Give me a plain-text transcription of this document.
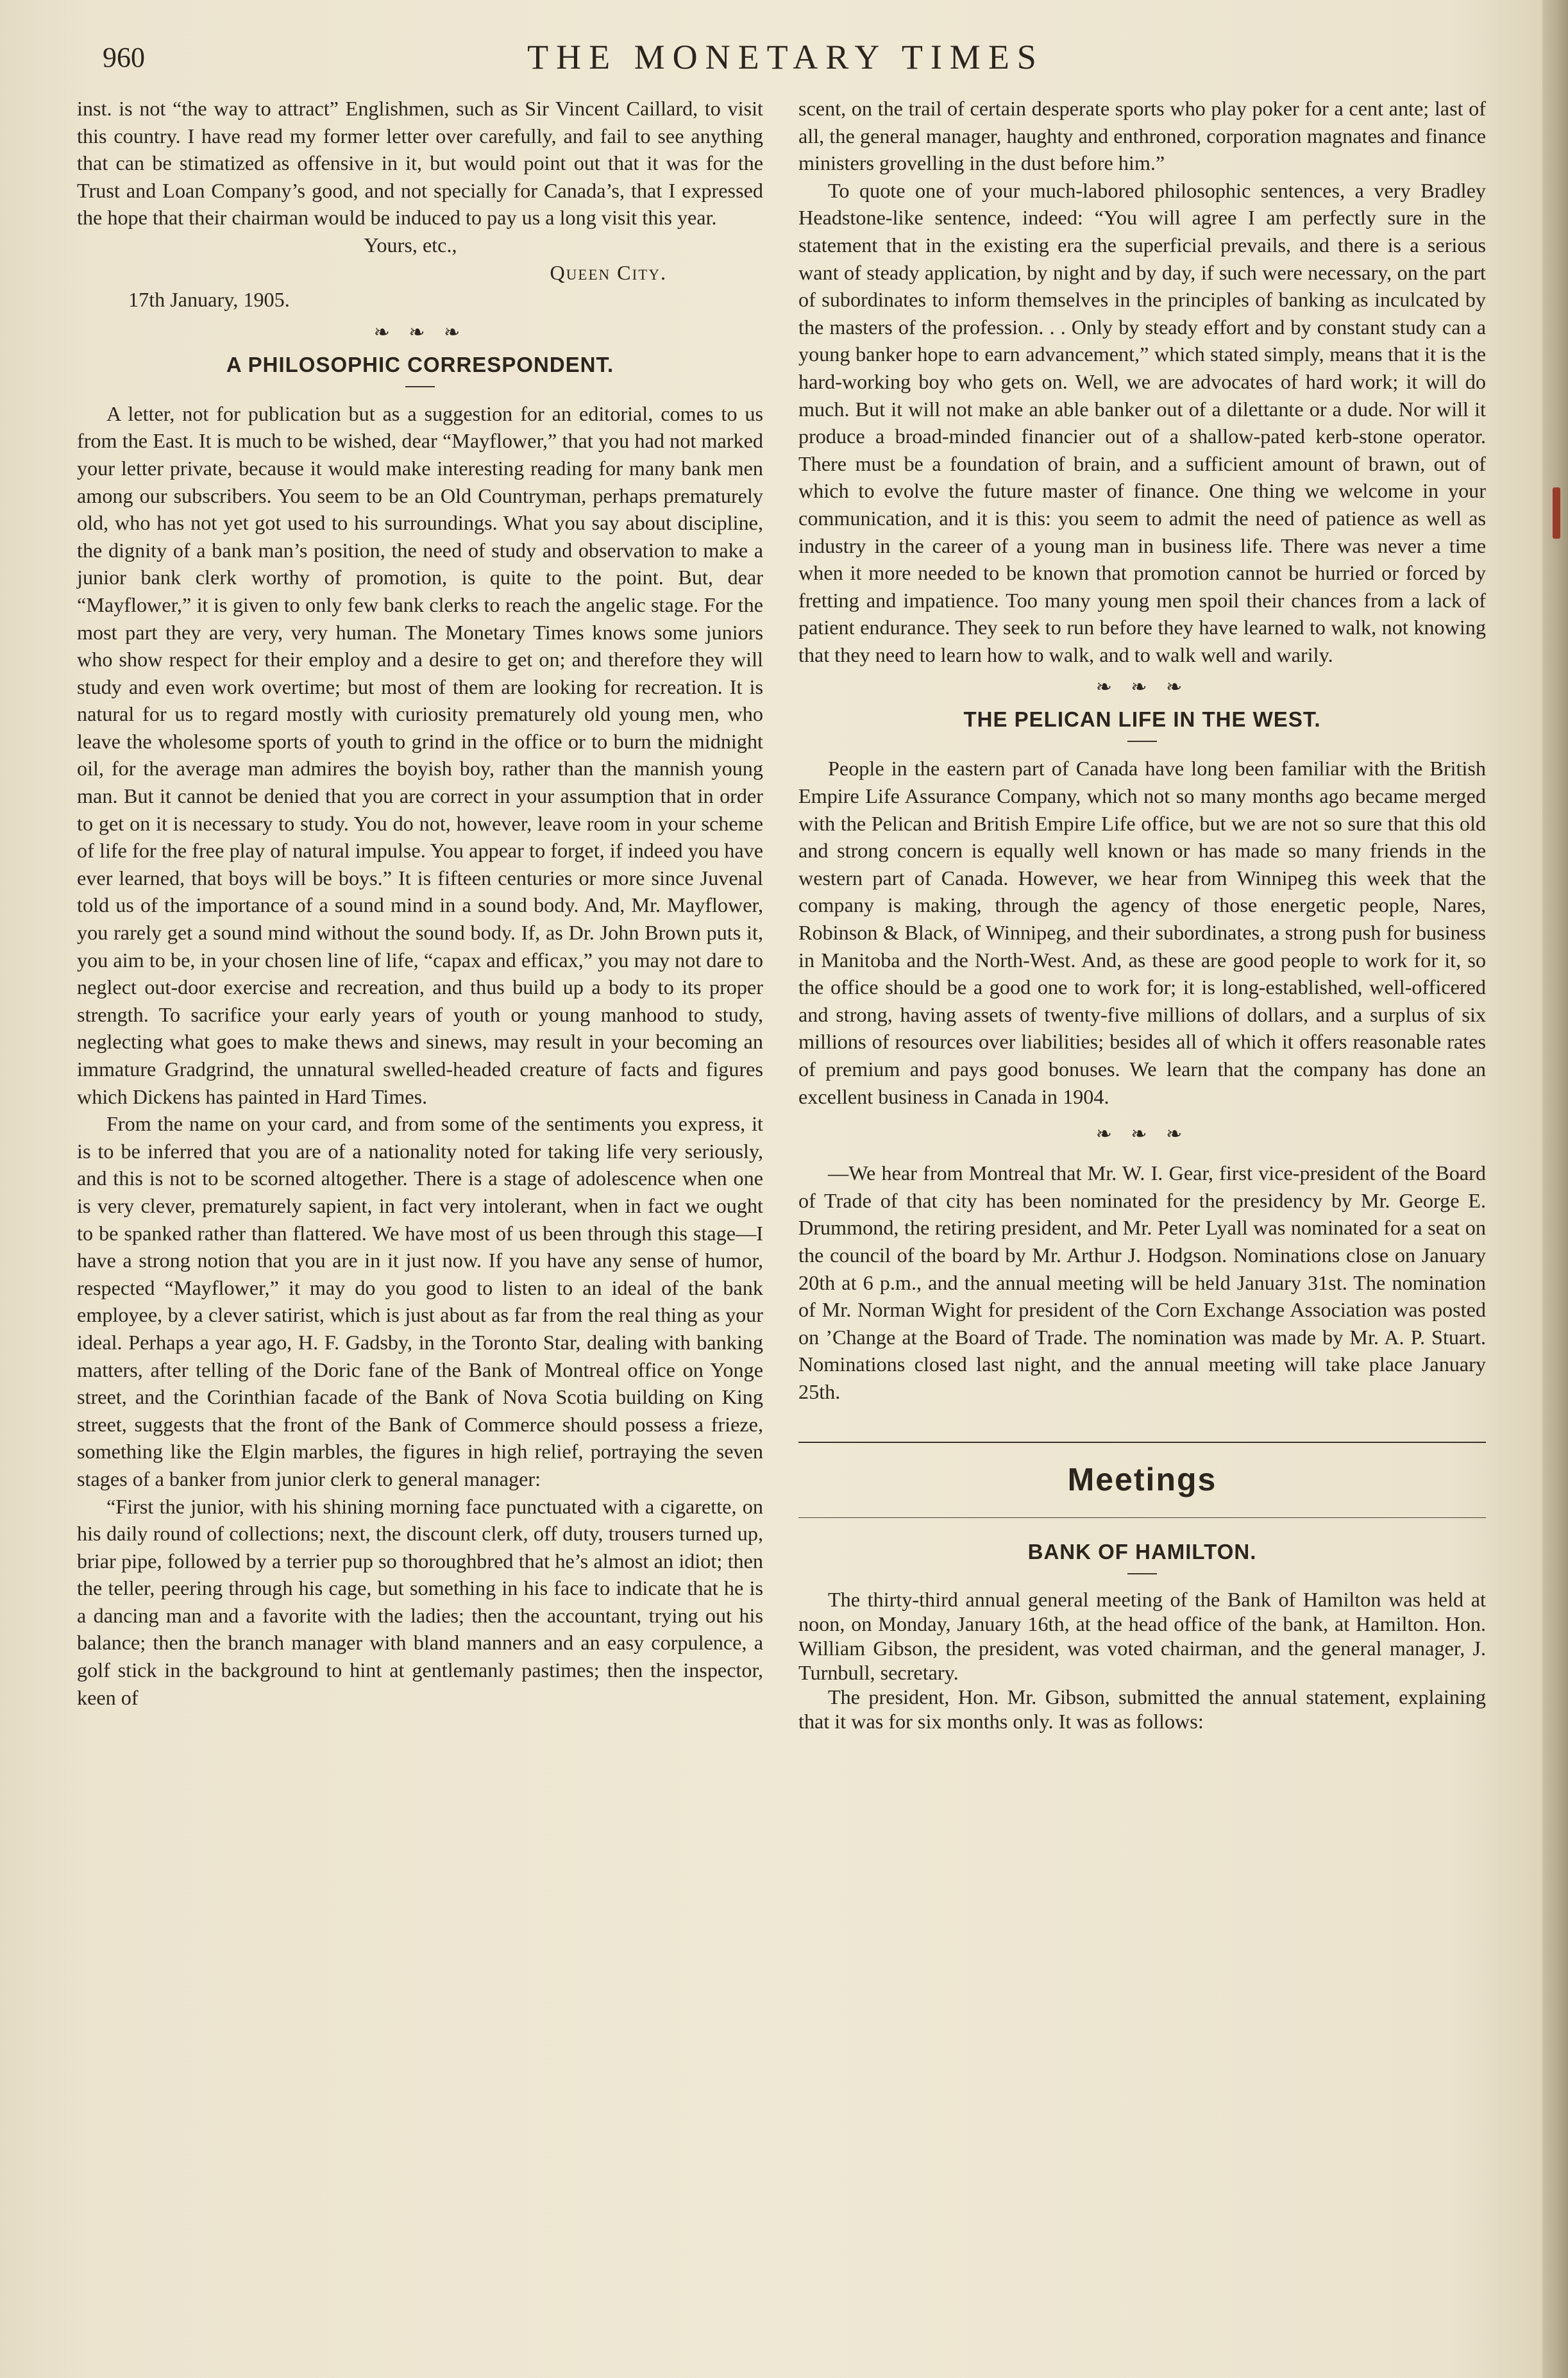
960	THE MONETARY TIMES

inst. is not “the way to attract” Englishmen, such as Sir Vincent Caillard, to visit this country. I have read my former letter over carefully, and fail to see anything that can be stimatized as offensive in it, but would point out that it was for the Trust and Loan Company’s good, and not specially for Canada’s, that I expressed the hope that their chairman would be induced to pay us a long visit this year.

Yours, etc.,
Queen City.
17th January, 1905.
❧ ❧ ❧
A PHILOSOPHIC CORRESPONDENT.

A letter, not for publication but as a suggestion for an editorial, comes to us from the East. It is much to be wished, dear “Mayflower,” that you had not marked your letter private, because it would make interesting reading for many bank men among our subscribers. You seem to be an Old Countryman, perhaps prematurely old, who has not yet got used to his surroundings. What you say about discipline, the dignity of a bank man’s position, the need of study and observation to make a junior bank clerk worthy of promotion, is quite to the point. But, dear “Mayflower,” it is given to only few bank clerks to reach the angelic stage. For the most part they are very, very human. The Monetary Times knows some juniors who show respect for their employ and a desire to get on; and therefore they will study and even work overtime; but most of them are looking for recreation. It is natural for us to regard mostly with curiosity prematurely old young men, who leave the wholesome sports of youth to grind in the office or to burn the midnight oil, for the average man admires the boyish boy, rather than the mannish young man. But it cannot be denied that you are correct in your assumption that in order to get on it is necessary to study. You do not, however, leave room in your scheme of life for the free play of natural impulse. You appear to forget, if indeed you have ever learned, that boys will be boys.” It is fifteen centuries or more since Juvenal told us of the importance of a sound mind in a sound body. And, Mr. Mayflower, you rarely get a sound mind without the sound body. If, as Dr. John Brown puts it, you aim to be, in your chosen line of life, “capax and efficax,” you may not dare to neglect out-door exercise and recreation, and thus build up a body to its proper strength. To sacrifice your early years of youth or young manhood to study, neglecting what goes to make thews and sinews, may result in your becoming an immature Gradgrind, the unnatural swelled-headed creature of facts and figures which Dickens has painted in Hard Times.

From the name on your card, and from some of the sentiments you express, it is to be inferred that you are of a nationality noted for taking life very seriously, and this is not to be scorned altogether. There is a stage of adolescence when one is very clever, prematurely sapient, in fact very intolerant, when in fact we ought to be spanked rather than flattered. We have most of us been through this stage—I have a strong notion that you are in it just now. If you have any sense of humor, respected “Mayflower,” it may do you good to listen to an ideal of the bank employee, by a clever satirist, which is just about as far from the real thing as your ideal. Perhaps a year ago, H. F. Gadsby, in the Toronto Star, dealing with banking matters, after telling of the Doric fane of the Bank of Montreal office on Yonge street, and the Corinthian facade of the Bank of Nova Scotia building on King street, suggests that the front of the Bank of Commerce should possess a frieze, something like the Elgin marbles, the figures in high relief, portraying the seven stages of a banker from junior clerk to general manager:

“First the junior, with his shining morning face punctuated with a cigarette, on his daily round of collections; next, the discount clerk, off duty, trousers turned up, briar pipe, followed by a terrier pup so thoroughbred that he’s almost an idiot; then the teller, peering through his cage, but something in his face to indicate that he is a dancing man and a favorite with the ladies; then the accountant, trying out his balance; then the branch manager with bland manners and an easy corpulence, a golf stick in the background to hint at gentlemanly pastimes; then the inspector, keen of

scent, on the trail of certain desperate sports who play poker for a cent ante; last of all, the general manager, haughty and enthroned, corporation magnates and finance ministers grovelling in the dust before him.”

To quote one of your much-labored philosophic sentences, a very Bradley Headstone-like sentence, indeed: “You will agree I am perfectly sure in the statement that in the existing era the superficial prevails, and there is a serious want of steady application, by night and by day, if such were necessary, on the part of subordinates to inform themselves in the principles of banking as inculcated by the masters of the profession. . . Only by steady effort and by constant study can a young banker hope to earn advancement,” which stated simply, means that it is the hard-working boy who gets on. Well, we are advocates of hard work; it will do much. But it will not make an able banker out of a dilettante or a dude. Nor will it produce a broad-minded financier out of a shallow-pated kerb-stone operator. There must be a foundation of brain, and a sufficient amount of brawn, out of which to evolve the future master of finance. One thing we welcome in your communication, and it is this: you seem to admit the need of patience as well as industry in the career of a young man in business life. There was never a time when it more needed to be known that promotion cannot be hurried or forced by fretting and impatience. Too many young men spoil their chances from a lack of patient endurance. They seek to run before they have learned to walk, not knowing that they need to learn how to walk, and to walk well and warily.

❧ ❧ ❧
THE PELICAN LIFE IN THE WEST.

People in the eastern part of Canada have long been familiar with the British Empire Life Assurance Company, which not so many months ago became merged with the Pelican and British Empire Life office, but we are not so sure that this old and strong concern is equally well known or has made so many friends in the western part of Canada. However, we hear from Winnipeg this week that the company is making, through the agency of those energetic people, Nares, Robinson & Black, of Winnipeg, and their subordinates, a strong push for business in Manitoba and the North-West. And, as these are good people to work for it, so the office should be a good one to work for; it is long-established, well-officered and strong, having assets of twenty-five millions of dollars, and a surplus of six millions of resources over liabilities; besides all of which it offers reasonable rates of premium and pays good bonuses. We learn that the company has done an excellent business in Canada in 1904.

❧ ❧ ❧

—We hear from Montreal that Mr. W. I. Gear, first vice-president of the Board of Trade of that city has been nominated for the presidency by Mr. George E. Drummond, the retiring president, and Mr. Peter Lyall was nominated for a seat on the council of the board by Mr. Arthur J. Hodgson. Nominations close on January 20th at 6 p.m., and the annual meeting will be held January 31st. The nomination of Mr. Norman Wight for president of the Corn Exchange Association was posted on ’Change at the Board of Trade. The nomination was made by Mr. A. P. Stuart. Nominations closed last night, and the annual meeting will take place January 25th.

Meetings
BANK OF HAMILTON.

The thirty-third annual general meeting of the Bank of Hamilton was held at noon, on Monday, January 16th, at the head office of the bank, at Hamilton. Hon. William Gibson, the president, was voted chairman, and the general manager, J. Turnbull, secretary.

The president, Hon. Mr. Gibson, submitted the annual statement, explaining that it was for six months only. It was as follows:
